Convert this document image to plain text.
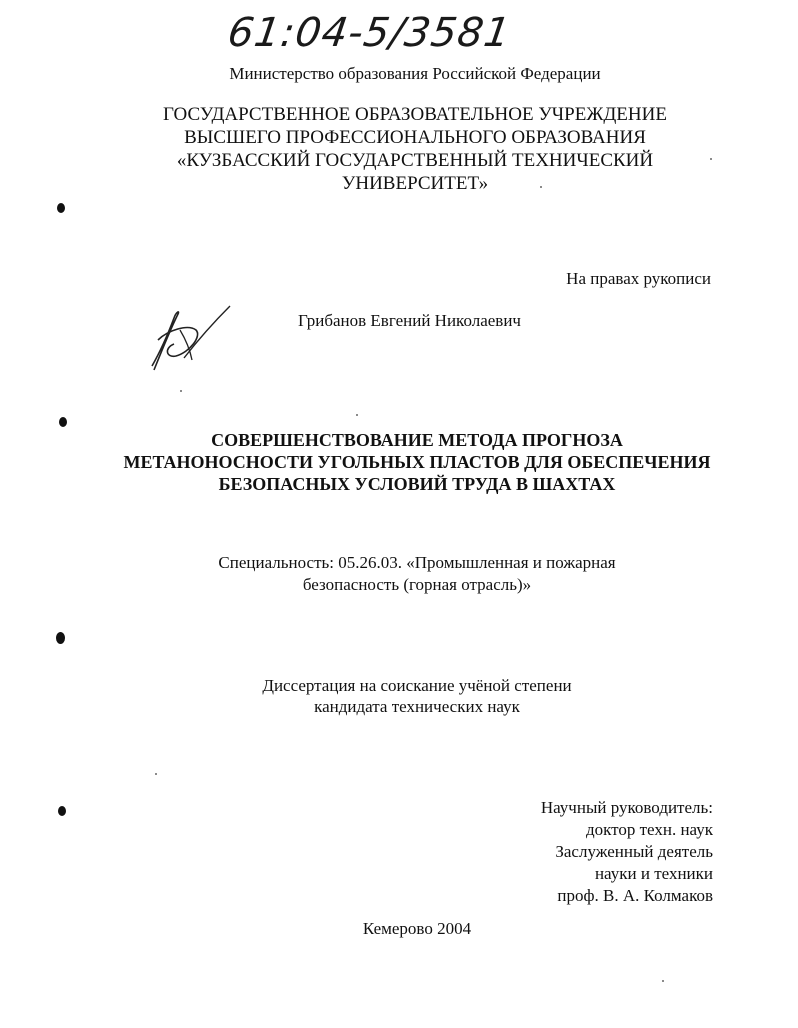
61:04-5/3581
Министерство образования Российской Федерации
ГОСУДАРСТВЕННОЕ ОБРАЗОВАТЕЛЬНОЕ УЧРЕЖДЕНИЕ
ВЫСШЕГО ПРОФЕССИОНАЛЬНОГО ОБРАЗОВАНИЯ
«КУЗБАССКИЙ ГОСУДАРСТВЕННЫЙ ТЕХНИЧЕСКИЙ
УНИВЕРСИТЕТ»
На правах рукописи
Грибанов Евгений Николаевич
СОВЕРШЕНСТВОВАНИЕ МЕТОДА ПРОГНОЗА
МЕТАНОНОСНОСТИ УГОЛЬНЫХ ПЛАСТОВ ДЛЯ ОБЕСПЕЧЕНИЯ
БЕЗОПАСНЫХ УСЛОВИЙ ТРУДА В ШАХТАХ
Специальность: 05.26.03. «Промышленная и пожарная
безопасность (горная отрасль)»
Диссертация на соискание учёной степени
кандидата технических наук
Научный руководитель:
доктор техн. наук
Заслуженный деятель
науки и техники
проф. В. А. Колмаков
Кемерово 2004
